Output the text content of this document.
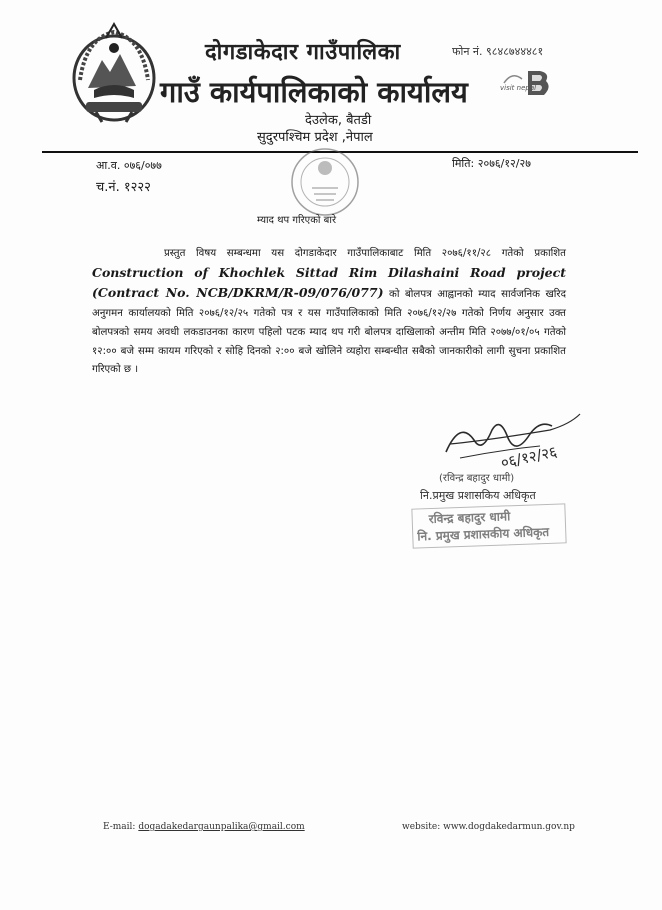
दोगडाकेदार गाउँपालिका
गाउँ कार्यपालिकाको कार्यालय
देउलेक, बैतडी
सुदुरपश्चिम प्रदेश ,नेपाल
फोन नं. ९८४८७४४४८१
visit nepal
आ.व. ०७६/०७७
च.नं. १२२२
मिति: २०७६/१२/२७
म्याद थप गरिएको बारे
प्रस्तुत विषय सम्बन्धमा यस दोगडाकेदार गाउँपालिकाबाट मिति २०७६/११/२८ गतेको प्रकाशित Construction of Khochlek Sittad Rim Dilashaini Road project (Contract No. NCB/DKRM/R-09/076/077) को बोलपत्र आह्वानको म्याद सार्वजनिक खरिद अनुगमन कार्यालयको मिति २०७६/१२/२५ गतेको पत्र र यस गाउँपालिकाको मिति २०७६/१२/२७ गतेको निर्णय अनुसार उक्त बोलपत्रको समय अवधी लकडाउनका कारण पहिलो पटक म्याद थप गरी बोलपत्र दाखिलाको अन्तीम मिति २०७७/०१/०५ गतेको १२:०० बजे सम्म कायम गरिएको र सोहि दिनको २:०० बजे खोलिने व्यहोरा सम्बन्धीत सबैको जानकारीको लागी सुचना प्रकाशित गरिएको छ ।
०६/१२/२६
(रविन्द्र बहादुर धामी)
नि.प्रमुख प्रशासकिय अधिकृत
रविन्द्र बहादुर धामी
नि. प्रमुख प्रशासकीय अधिकृत
E-mail: dogadakedargaunpalika@gmail.com	website: www.dogdakedarmun.gov.np
